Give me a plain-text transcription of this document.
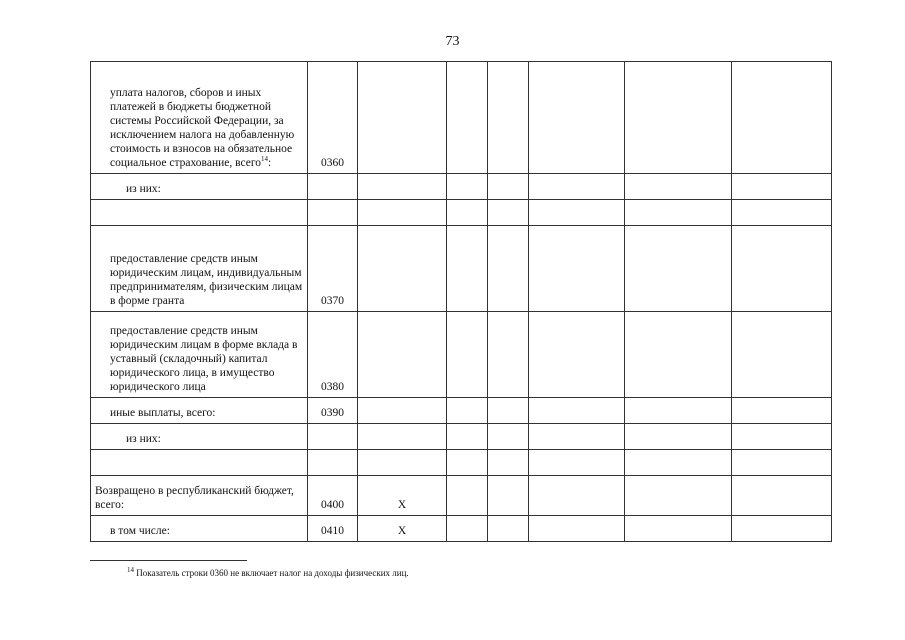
73
уплата налогов, сборов и иных платежей в бюджеты бюджетной системы Российской Федерации, за исключением налога на добавленную стоимость и взносов на обязательное социальное страхование, всего$^{14}$:	0360						
из них:							

предоставление средств иным юридическим лицам, индивидуальным предпринимателям, физическим лицам в форме гранта	0370						
предоставление средств иным юридическим лицам в форме вклада в уставный (складочный) капитал юридического лица, в имущество юридического лица	0380						
иные выплаты, всего:	0390						
из них:							

Возвращено в республиканский бюджет, всего:	0400	X					
в том числе:	0410	X					
$^{14}$ Показатель строки 0360 не включает налог на доходы физических лиц.
